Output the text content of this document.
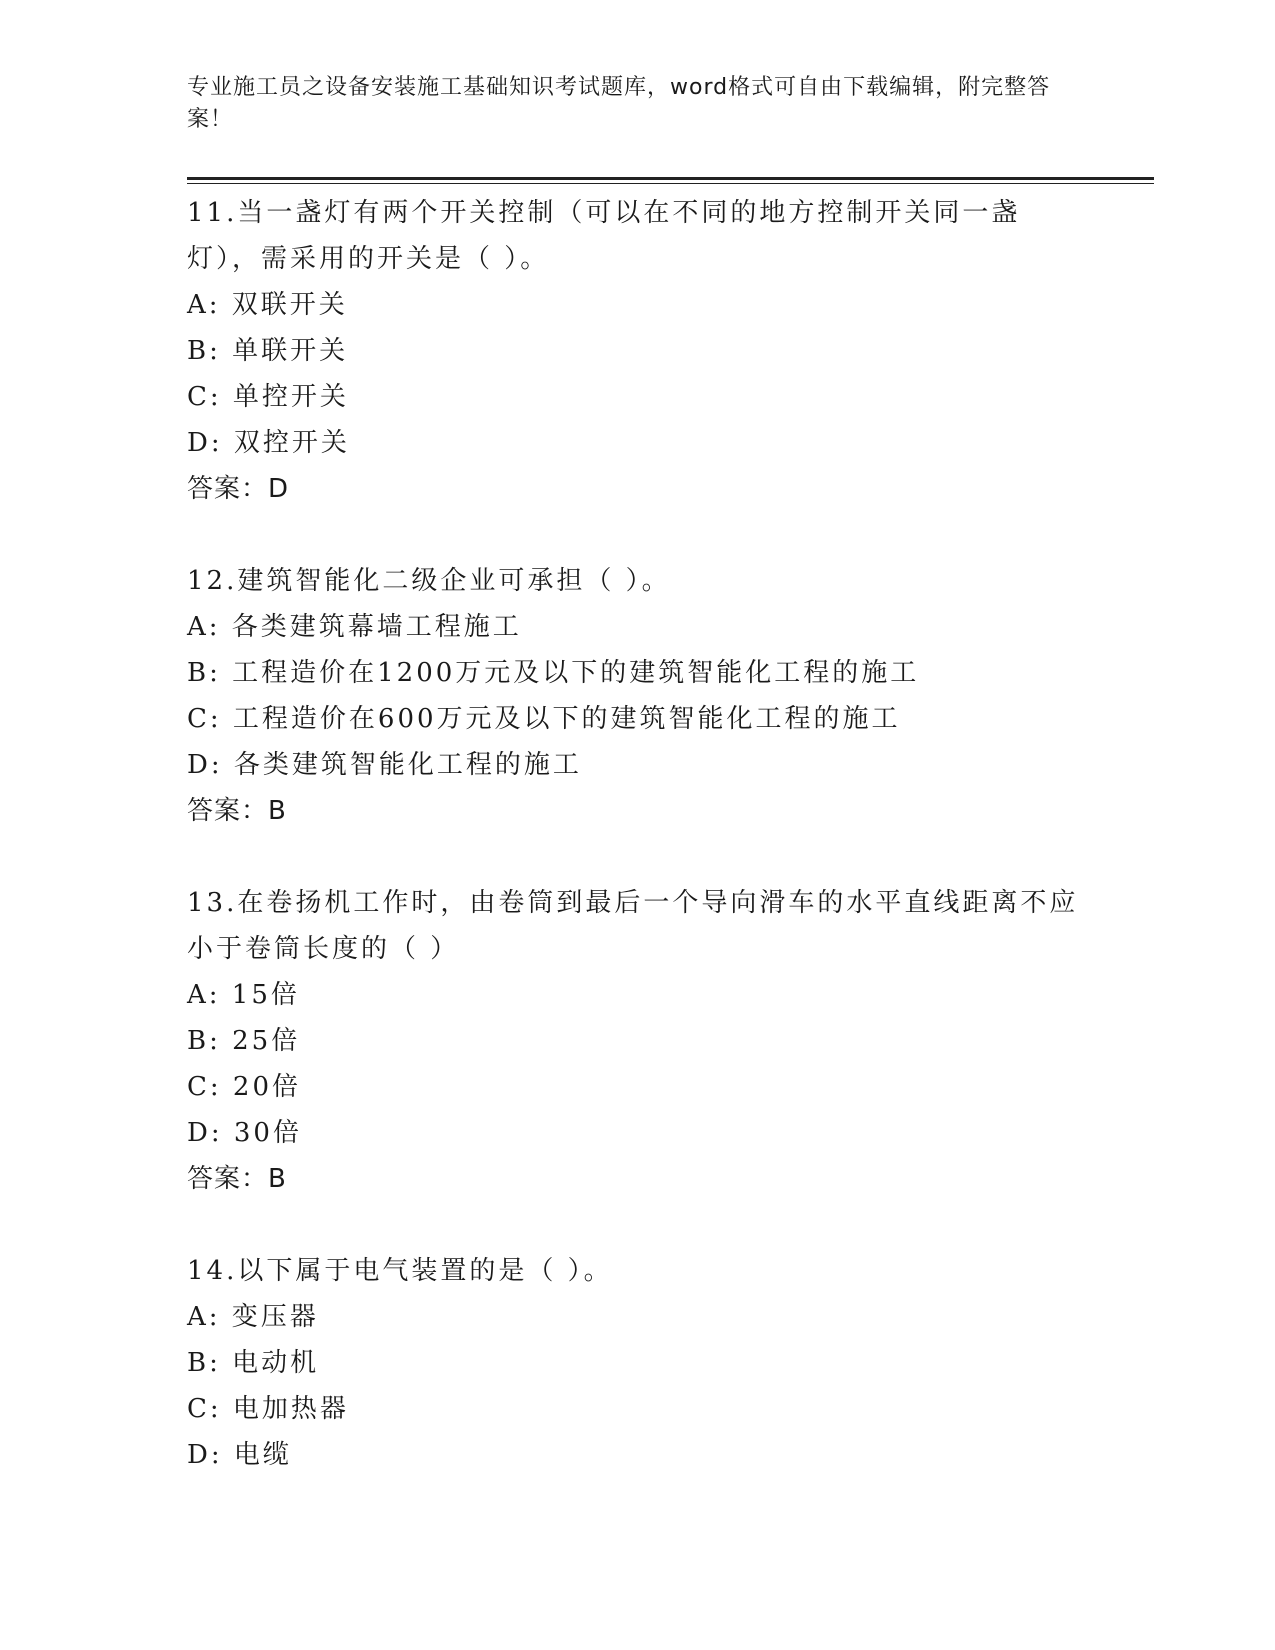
专业施工员之设备安装施工基础知识考试题库，word格式可自由下载编辑，附完整答案！
11.当一盏灯有两个开关控制（可以在不同的地方控制开关同一盏灯），需采用的开关是（ ）。
A: 双联开关
B: 单联开关
C: 单控开关
D: 双控开关
答案：D
12.建筑智能化二级企业可承担（ ）。
A: 各类建筑幕墙工程施工
B: 工程造价在1200万元及以下的建筑智能化工程的施工
C: 工程造价在600万元及以下的建筑智能化工程的施工
D: 各类建筑智能化工程的施工
答案：B
13.在卷扬机工作时，由卷筒到最后一个导向滑车的水平直线距离不应小于卷筒长度的（ ）
A: 15倍
B: 25倍
C: 20倍
D: 30倍
答案：B
14.以下属于电气装置的是（ ）。
A: 变压器
B: 电动机
C: 电加热器
D: 电缆
